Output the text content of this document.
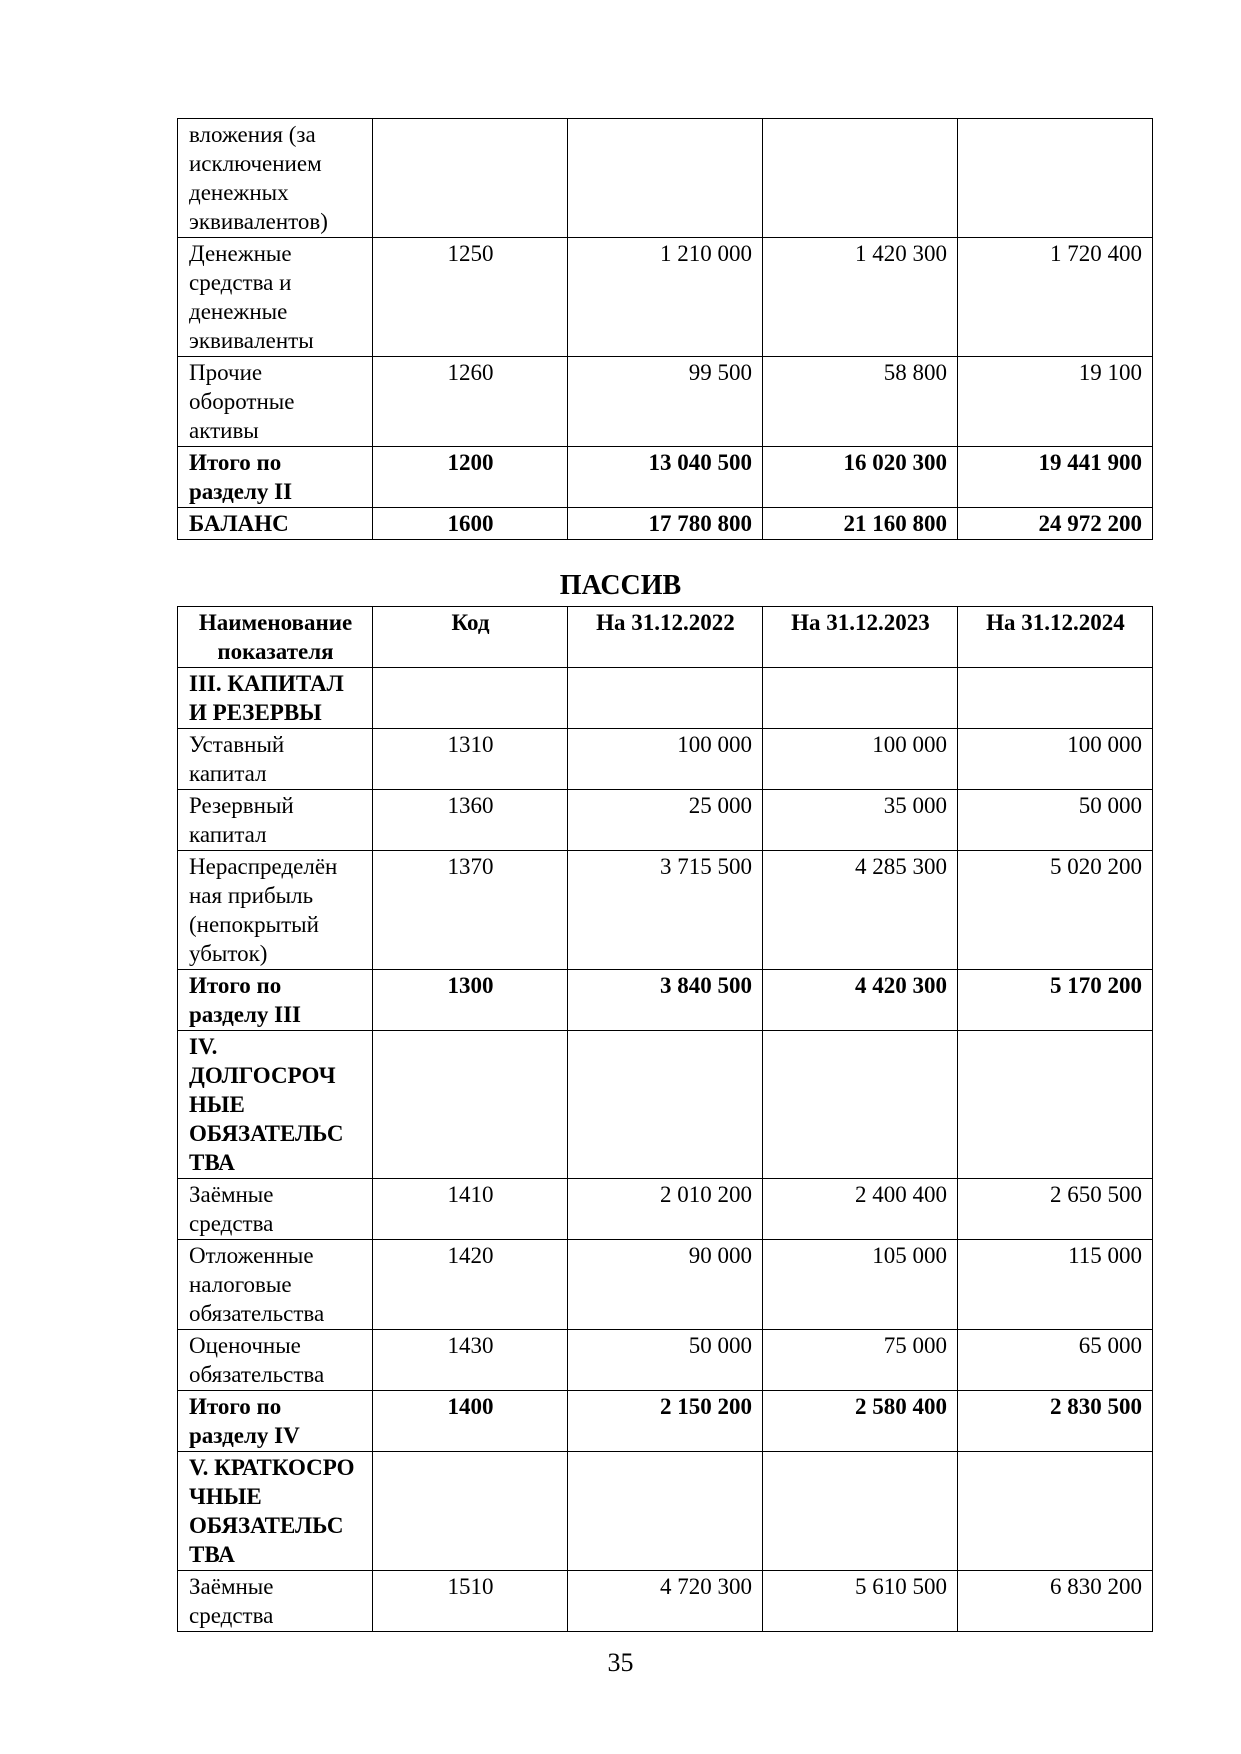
вложения (за исключением денежных эквивалентов)				
Денежные средства и денежные эквиваленты	1250	1 210 000	1 420 300	1 720 400
Прочие оборотные активы	1260	99 500	58 800	19 100
Итого по разделу II	1200	13 040 500	16 020 300	19 441 900
БАЛАНС	1600	17 780 800	21 160 800	24 972 200
ПАССИВ
Наименование показателя	Код	На 31.12.2022	На 31.12.2023	На 31.12.2024
III. КАПИТАЛ И РЕЗЕРВЫ				
Уставный капитал	1310	100 000	100 000	100 000
Резервный капитал	1360	25 000	35 000	50 000
Нераспределён ная прибыль (непокрытый убыток)	1370	3 715 500	4 285 300	5 020 200
Итого по разделу III	1300	3 840 500	4 420 300	5 170 200
IV. ДОЛГОСРОЧ НЫЕ ОБЯЗАТЕЛЬС ТВА				
Заёмные средства	1410	2 010 200	2 400 400	2 650 500
Отложенные налоговые обязательства	1420	90 000	105 000	115 000
Оценочные обязательства	1430	50 000	75 000	65 000
Итого по разделу IV	1400	2 150 200	2 580 400	2 830 500
V. КРАТКОСРО ЧНЫЕ ОБЯЗАТЕЛЬС ТВА				
Заёмные средства	1510	4 720 300	5 610 500	6 830 200
35
